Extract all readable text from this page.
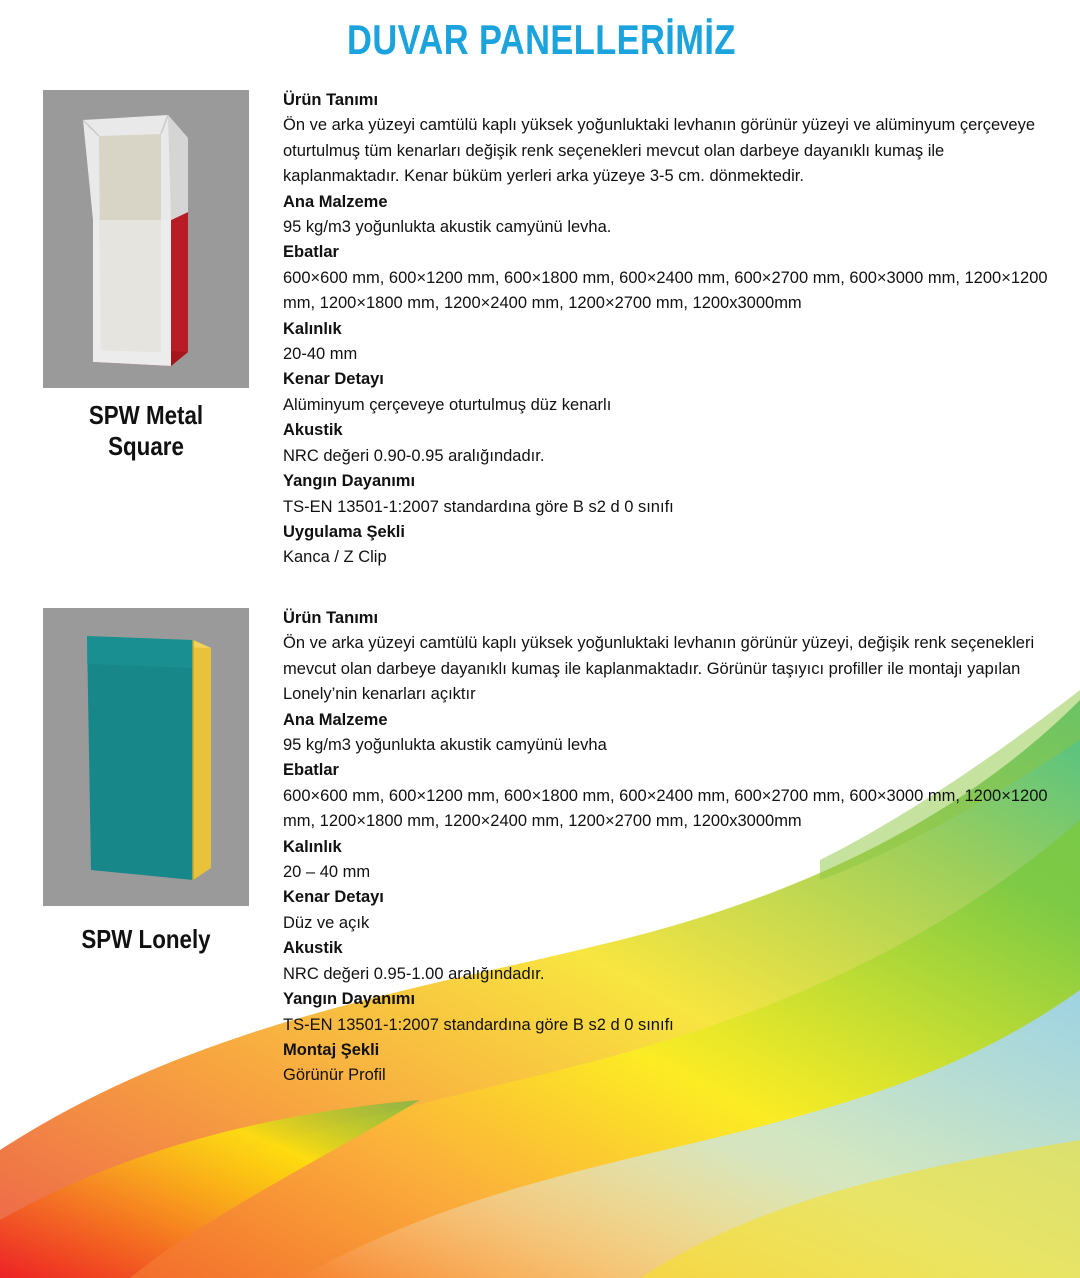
DUVAR PANELLERİMİZ
SPW Metal Square

Ürün Tanımı

Ön ve arka yüzeyi camtülü kaplı yüksek yoğunluktaki levhanın görünür yüzeyi ve alüminyum çerçeveye oturtulmuş tüm kenarları değişik renk seçenekleri mevcut olan darbeye dayanıklı kumaş ile kaplanmaktadır. Kenar büküm yerleri arka yüzeye 3-5 cm. dönmektedir.

Ana Malzeme

95 kg/m3 yoğunlukta akustik camyünü levha.

Ebatlar

600×600 mm, 600×1200 mm, 600×1800 mm, 600×2400 mm, 600×2700 mm, 600×3000 mm, 1200×1200 mm, 1200×1800 mm, 1200×2400 mm, 1200×2700 mm, 1200x3000mm

Kalınlık

20-40 mm

Kenar Detayı

Alüminyum çerçeveye oturtulmuş düz kenarlı

Akustik

NRC değeri 0.90-0.95 aralığındadır.

Yangın Dayanımı

TS-EN 13501-1:2007 standardına göre B s2 d 0 sınıfı

Uygulama Şekli

Kanca / Z Clip

SPW Lonely

Ürün Tanımı

Ön ve arka yüzeyi camtülü kaplı yüksek yoğunluktaki levhanın görünür yüzeyi, değişik renk seçenekleri mevcut olan darbeye dayanıklı kumaş ile kaplanmaktadır. Görünür taşıyıcı profiller ile montajı yapılan Lonely’nin kenarları açıktır

Ana Malzeme

95 kg/m3 yoğunlukta akustik camyünü levha

Ebatlar

600×600 mm, 600×1200 mm, 600×1800 mm, 600×2400 mm, 600×2700 mm, 600×3000 mm, 1200×1200 mm, 1200×1800 mm, 1200×2400 mm, 1200×2700 mm, 1200x3000mm

Kalınlık

20 – 40 mm

Kenar Detayı

Düz ve açık

Akustik

NRC değeri 0.95-1.00 aralığındadır.

Yangın Dayanımı

TS-EN 13501-1:2007 standardına göre B s2 d 0 sınıfı

Montaj Şekli

Görünür Profil
